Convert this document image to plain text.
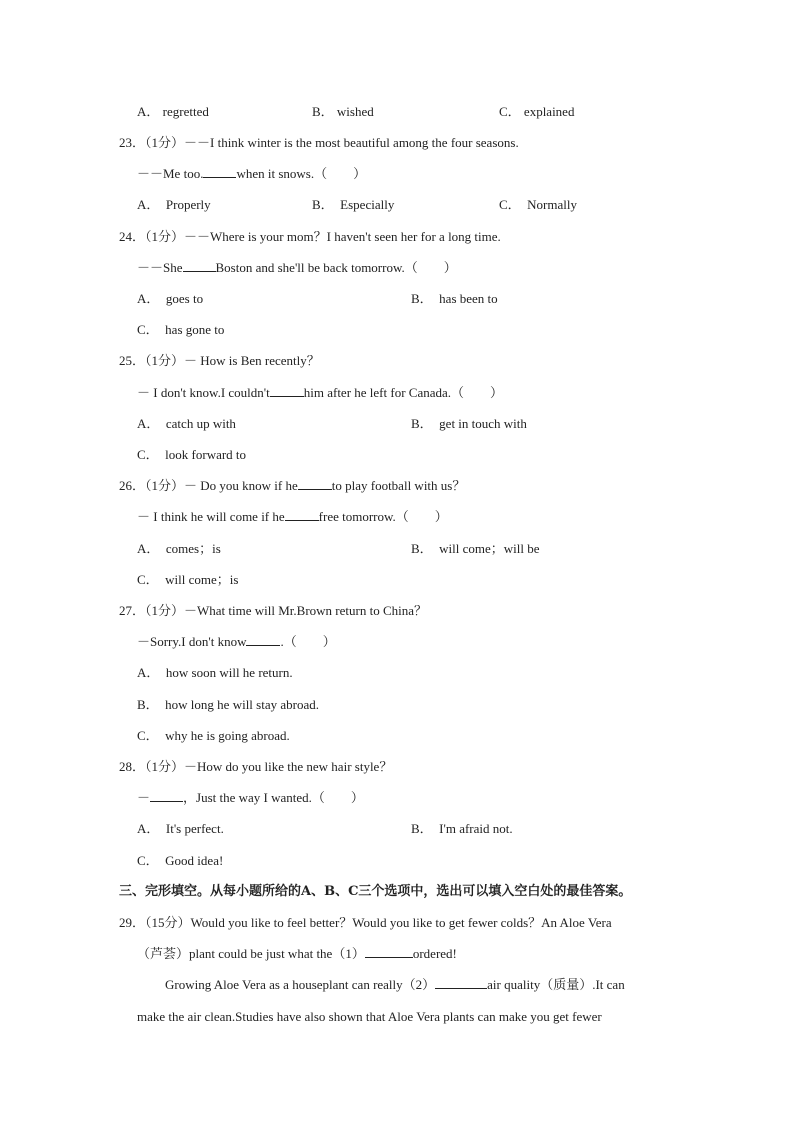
A． regretted	B． wished	C． explained
23．（1分）－－I think winter is the most beautiful among the four seasons.
－－Me too.	when it snows.（　　）
A． Properly	B． Especially	C． Normally
24．（1分）－－Where is your mom？I haven't seen her for a long time.
－－She	Boston and she'll be back tomorrow.（　　）
A． goes to	B． has been to
C． has gone to
25．（1分）－ How is Ben recently？
－ I don't know.I couldn't	him after he left for Canada.（　　）
A． catch up with	B． get in touch with
C． look forward to
26．（1分）－ Do you know if he	to play football with us？
－ I think he will come if he	free tomorrow.（　　）
A． comes；is	B． will come；will be
C． will come；is
27．（1分）－What time will Mr.Brown return to China？
－Sorry.I don't know	.（　　）
A． how soon will he return.
B． how long he will stay abroad.
C． why he is going abroad.
28．（1分）－How do you like the new hair style？
－	，Just the way I wanted.（　　）
A． It's perfect.	B． I'm afraid not.
C． Good idea!
三、完形填空。从每小题所给的A、B、C三个选项中，选出可以填入空白处的最佳答案。
29．（15分）Would you like to feel better？Would you like to get fewer colds？An Aloe Vera
（芦荟）plant could be just what the（1）	ordered!
Growing Aloe Vera as a houseplant can really（2）	air quality（质量）.It can
make the air clean.Studies have also shown that Aloe Vera plants can make you get fewer
